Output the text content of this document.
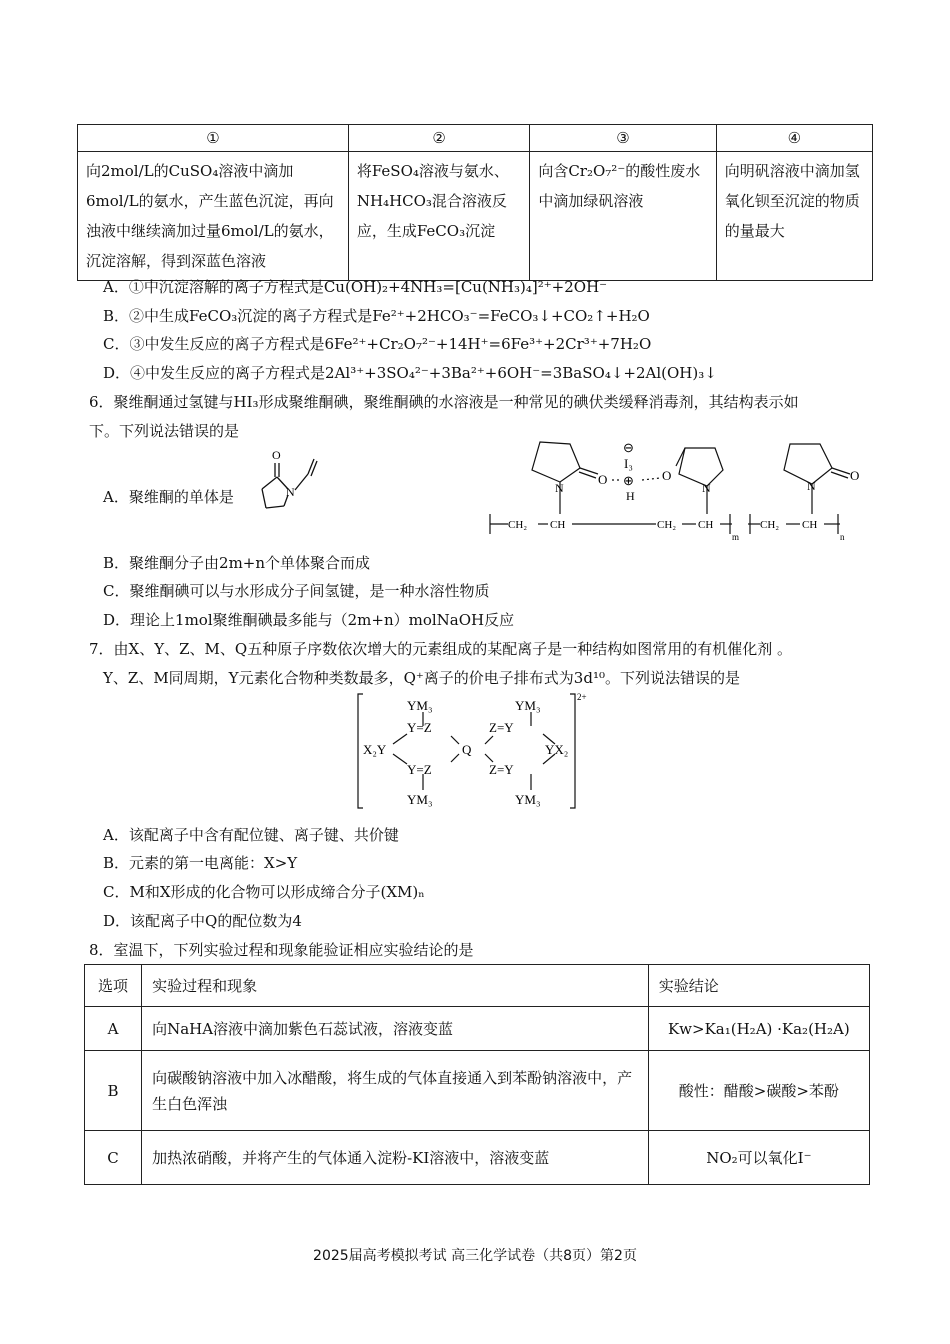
①	②	③	④
向2mol/L的CuSO₄溶液中滴加6mol/L的氨水，产生蓝色沉淀，再向浊液中继续滴加过量6mol/L的氨水，沉淀溶解，得到深蓝色溶液	将FeSO₄溶液与氨水、NH₄HCO₃混合溶液反应，生成FeCO₃沉淀	向含Cr₂O₇²⁻的酸性废水中滴加绿矾溶液	向明矾溶液中滴加氢氧化钡至沉淀的物质的量最大
A．①中沉淀溶解的离子方程式是Cu(OH)₂+4NH₃=[Cu(NH₃)₄]²⁺+2OH⁻
B．②中生成FeCO₃沉淀的离子方程式是Fe²⁺+2HCO₃⁻=FeCO₃↓+CO₂↑+H₂O
C．③中发生反应的离子方程式是6Fe²⁺+Cr₂O₇²⁻+14H⁺=6Fe³⁺+2Cr³⁺+7H₂O
D．④中发生反应的离子方程式是2Al³⁺+3SO₄²⁻+3Ba²⁺+6OH⁻=3BaSO₄↓+2Al(OH)₃↓
6．聚维酮通过氢键与HI₃形成聚维酮碘，聚维酮碘的水溶液是一种常见的碘伏类缓释消毒剂，其结构表示如
下。下列说法错误的是
A．聚维酮的单体是
O
N
O
N
⊖
I₃
⊕
H
O
N
O
N
CH₂ CH	CH₂ CH	CH₂ CH
m	n
B．聚维酮分子由2m+n个单体聚合而成
C．聚维酮碘可以与水形成分子间氢键，是一种水溶性物质
D．理论上1mol聚维酮碘最多能与（2m+n）molNaOH反应
7．由X、Y、Z、M、Q五种原子序数依次增大的元素组成的某配离子是一种结构如图常用的有机催化剂 。
Y、Z、M同周期，Y元素化合物种类数最多，Q⁺离子的价电子排布式为3d¹⁰。下列说法错误的是
YM₃	YM₃
Y=Z	Z=Y
X₂Y	Q	YX₂
Y=Z	Z=Y
YM₃	YM₃
2+
A．该配离子中含有配位键、离子键、共价键
B．元素的第一电离能：X>Y
C．M和X形成的化合物可以形成缔合分子(XM)ₙ
D．该配离子中Q的配位数为4
8．室温下，下列实验过程和现象能验证相应实验结论的是
选项	实验过程和现象	实验结论
A	向NaHA溶液中滴加紫色石蕊试液，溶液变蓝	Kw>Ka₁(H₂A) ·Ka₂(H₂A)
B	向碳酸钠溶液中加入冰醋酸，将生成的气体直接通入到苯酚钠溶液中，产生白色浑浊	酸性：醋酸>碳酸>苯酚
C	加热浓硝酸，并将产生的气体通入淀粉-KI溶液中，溶液变蓝	NO₂可以氧化I⁻
2025届高考模拟考试 高三化学试卷（共8页）第2页
